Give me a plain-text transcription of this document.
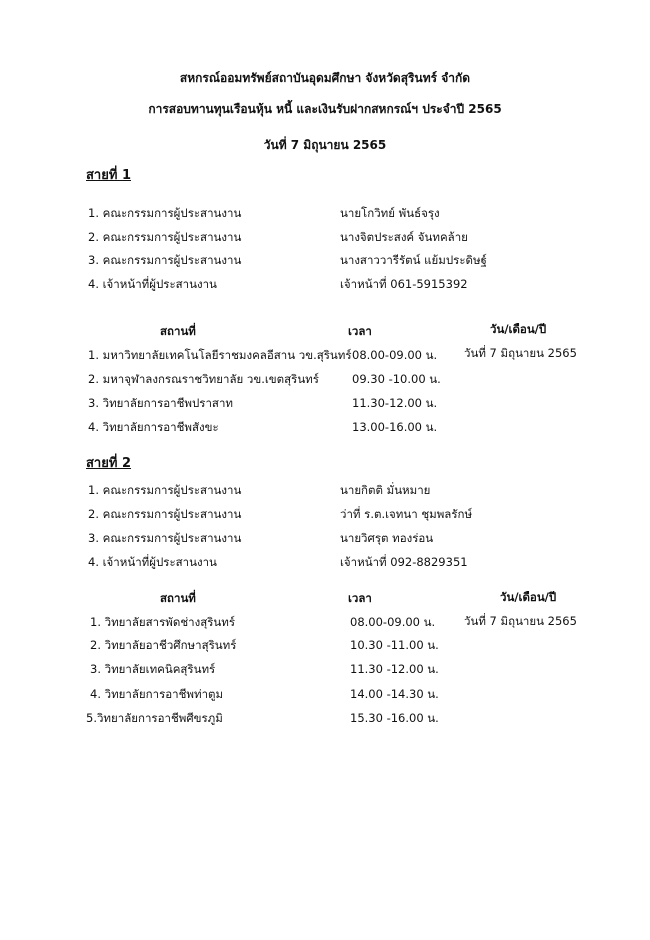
สหกรณ์ออมทรัพย์สถาบันอุดมศึกษา จังหวัดสุรินทร์ จำกัด
การสอบทานทุนเรือนหุ้น หนี้ และเงินรับฝากสหกรณ์ฯ ประจำปี 2565
วันที่ 7 มิถุนายน 2565
สายที่ 1
1. คณะกรรมการผู้ประสานงาน	นายโกวิทย์ พันธ์จรุง
2. คณะกรรมการผู้ประสานงาน	นางจิตประสงค์ จันทคล้าย
3. คณะกรรมการผู้ประสานงาน	นางสาววารีรัตน์ แย้มประดิษฐ์
4. เจ้าหน้าที่ผู้ประสานงาน	เจ้าหน้าที่ 061-5915392
สถานที่	เวลา	วัน/เดือน/ปี
1. มหาวิทยาลัยเทคโนโลยีราชมงคลอีสาน วข.สุรินทร์ 08.00-09.00 น. วันที่ 7 มิถุนายน 2565
2. มหาจุฬาลงกรณราชวิทยาลัย วข.เขตสุรินทร์	09.30 -10.00 น.
3. วิทยาลัยการอาชีพปราสาท	11.30-12.00 น.
4. วิทยาลัยการอาชีพสังขะ	13.00-16.00 น.
สายที่ 2
1. คณะกรรมการผู้ประสานงาน	นายกิตติ มั่นหมาย
2. คณะกรรมการผู้ประสานงาน	ว่าที่ ร.ต.เจทนา ชุมพลรักษ์
3. คณะกรรมการผู้ประสานงาน	นายวิศรุต ทองร่อน
4. เจ้าหน้าที่ผู้ประสานงาน	เจ้าหน้าที่ 092-8829351
สถานที่	เวลา	วัน/เดือน/ปี
1. วิทยาลัยสารพัดช่างสุรินทร์	08.00-09.00 น.	วันที่ 7 มิถุนายน 2565
2. วิทยาลัยอาชีวศึกษาสุรินทร์	10.30 -11.00 น.
3. วิทยาลัยเทคนิคสุรินทร์	11.30 -12.00 น.
4. วิทยาลัยการอาชีพท่าตูม	14.00 -14.30 น.
5.วิทยาลัยการอาชีพศีขรภูมิ	15.30 -16.00 น.
